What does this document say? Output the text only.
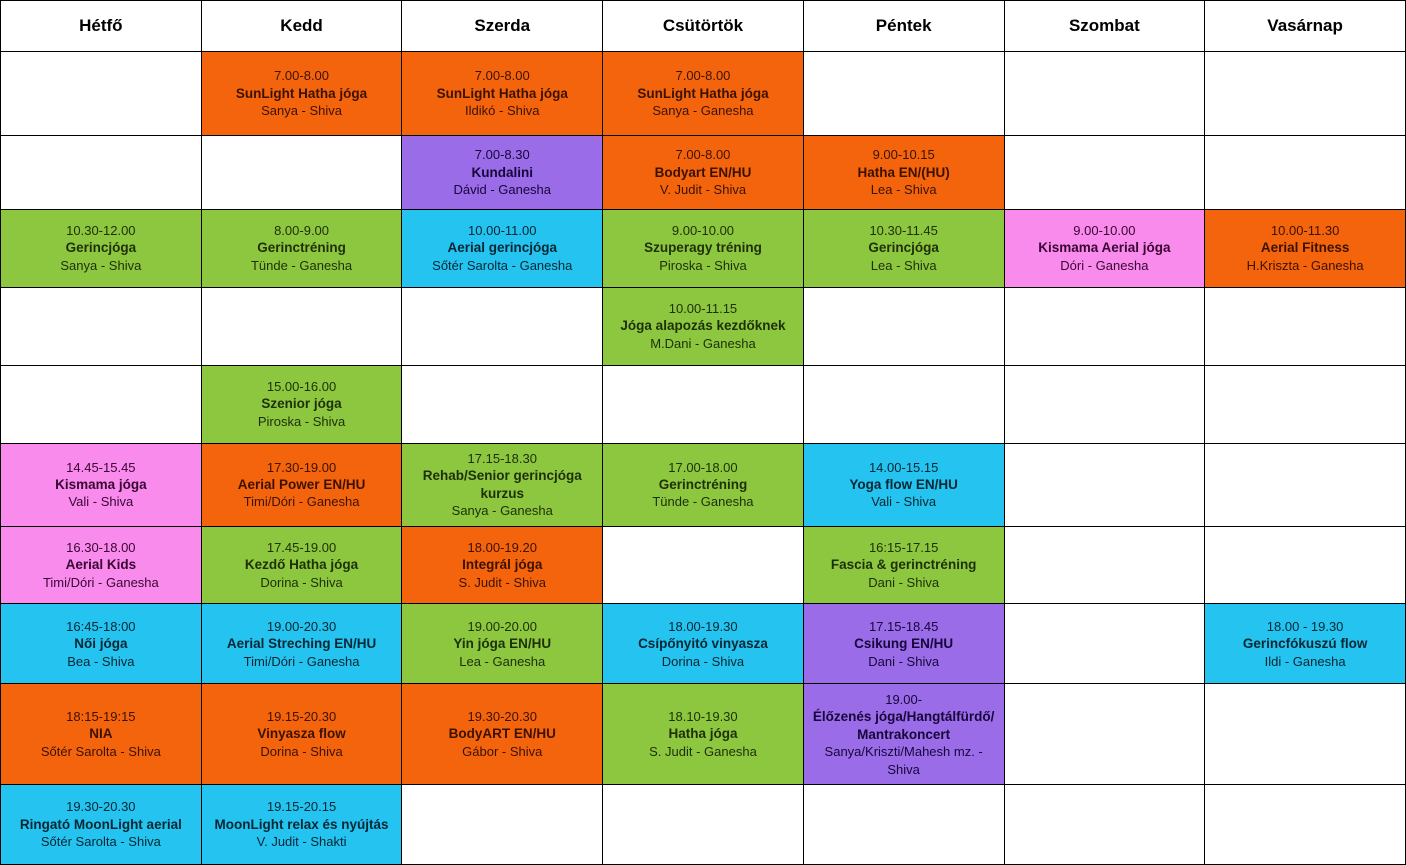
Hétfő	Kedd	Szerda	Csütörtök	Péntek	Szombat	Vasárnap

	7.00-8.00
SunLight Hatha jóga
Sanya - Shiva	7.00-8.00
SunLight Hatha jóga
Ildikó - Shiva	7.00-8.00
SunLight Hatha jóga
Sanya - Ganesha			

		7.00-8.30
Kundalini
Dávid - Ganesha	7.00-8.00
Bodyart EN/HU
V. Judit - Shiva	9.00-10.15
Hatha EN/(HU)
Lea - Shiva		

10.30-12.00
Gerincjóga
Sanya - Shiva	8.00-9.00
Gerinctréning
Tünde - Ganesha	10.00-11.00
Aerial gerincjóga
Sőtér Sarolta - Ganesha	9.00-10.00
Szuperagy tréning
Piroska - Shiva	10.30-11.45
Gerincjóga
Lea - Shiva	9.00-10.00
Kismama Aerial jóga
Dóri - Ganesha	10.00-11.30
Aerial Fitness
H.Kriszta - Ganesha

			10.00-11.15
Jóga alapozás kezdőknek
M.Dani - Ganesha			

	15.00-16.00
Szenior jóga
Piroska - Shiva					

14.45-15.45
Kismama jóga
Vali - Shiva	17.30-19.00
Aerial Power EN/HU
Timi/Dóri - Ganesha	17.15-18.30
Rehab/Senior gerincjóga kurzus
Sanya - Ganesha	17.00-18.00
Gerinctréning
Tünde - Ganesha	14.00-15.15
Yoga flow EN/HU
Vali - Shiva		

16.30-18.00
Aerial Kids
Timi/Dóri - Ganesha	17.45-19.00
Kezdő Hatha jóga
Dorina - Shiva	18.00-19.20
Integrál jóga
S. Judit - Shiva		16:15-17.15
Fascia & gerinctréning
Dani - Shiva		

16:45-18:00
Női jóga
Bea - Shiva	19.00-20.30
Aerial Streching EN/HU
Timi/Dóri - Ganesha	19.00-20.00
Yin jóga EN/HU
Lea - Ganesha	18.00-19.30
Csípőnyitó vinyasza
Dorina - Shiva	17.15-18.45
Csikung EN/HU
Dani - Shiva		18.00 - 19.30
Gerincfókuszú flow
Ildi - Ganesha

18:15-19:15
NIA
Sőtér Sarolta - Shiva	19.15-20.30
Vinyasza flow
Dorina - Shiva	19.30-20.30
BodyART EN/HU
Gábor - Shiva	18.10-19.30
Hatha jóga
S. Judit - Ganesha	19.00-
Élőzenés jóga/Hangtálfürdő/ Mantrakoncert
Sanya/Kriszti/Mahesh mz. - Shiva		

19.30-20.30
Ringató MoonLight aerial
Sőtér Sarolta - Shiva	19.15-20.15
MoonLight relax és nyújtás
V. Judit - Shakti					
